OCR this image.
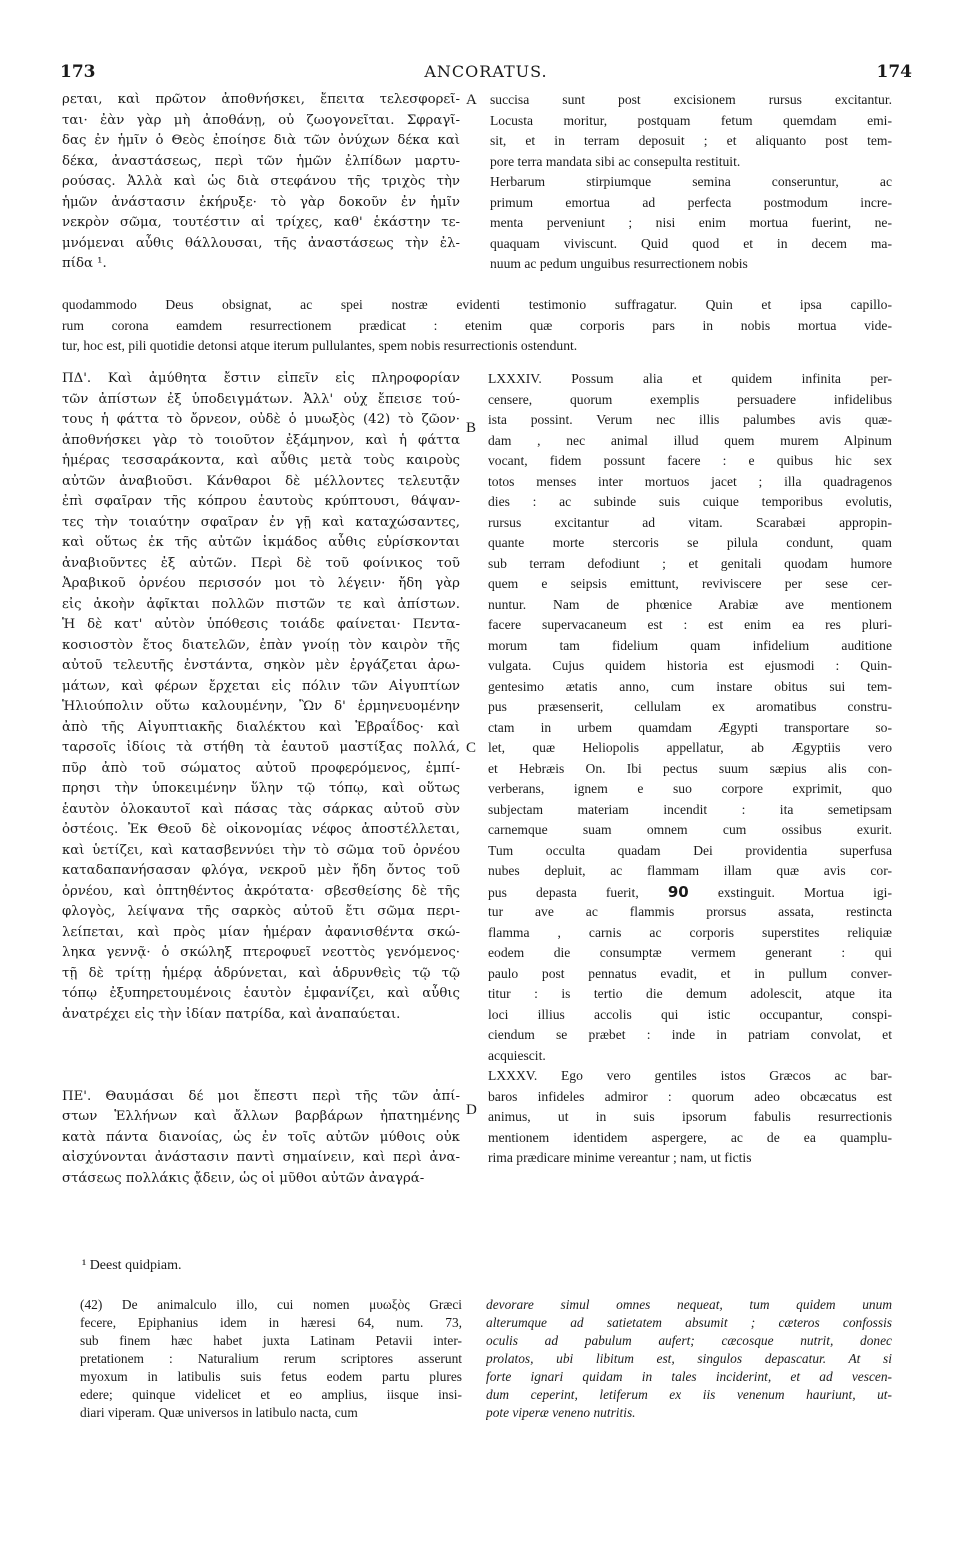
173	ANCORATUS.	174
ρεται, καὶ πρῶτον ἀποθνήσκει, ἔπειτα τελεσφορεῖ-
ται· ἐὰν γὰρ μὴ ἀποθάνῃ, οὐ ζωογονεῖται. Σφραγῖ-
δας ἐν ἡμῖν ὁ Θεὸς ἐποίησε διὰ τῶν ὀνύχων δέκα καὶ
δέκα, ἀναστάσεως, περὶ τῶν ἡμῶν ἐλπίδων μαρτυ-
ρούσας. Ἀλλὰ καὶ ὡς διὰ στεφάνου τῆς τριχὸς τὴν
ἡμῶν ἀνάστασιν ἐκήρυξε· τὸ γὰρ δοκοῦν ἐν ἡμῖν
νεκρὸν σῶμα, τουτέστιν αἱ τρίχες, καθ' ἑκάστην τε-
μνόμεναι αὖθις θάλλουσαι, τῆς ἀναστάσεως τὴν ἐλ-
πίδα ¹.
succisa sunt post excisionem rursus excitantur.
Locusta moritur, postquam fetum quemdam emi-
sit, et in terram deposuit ; et aliquanto post tem-
pore terra mandata sibi ac consepulta restituit.
Herbarum stirpiumque semina conseruntur, ac
primum emortua ad perfecta postmodum incre-
menta perveniunt ; nisi enim mortua fuerint, ne-
quaquam viviscunt. Quid quod et in decem ma-
nuum ac pedum unguibus resurrectionem nobis
quodammodo Deus obsignat, ac spei nostræ evidenti testimonio suffragatur. Quin et ipsa capillo-
rum corona eamdem resurrectionem prædicat : etenim quæ corporis pars in nobis mortua vide-
tur, hoc est, pili quotidie detonsi atque iterum pullulantes, spem nobis resurrectionis ostendunt.
ΠΔ'. Καὶ ἀμύθητα ἔστιν εἰπεῖν εἰς πληροφορίαν
τῶν ἀπίστων ἐξ ὑποδειγμάτων. Ἀλλ' οὐχ ἔπεισε τού-
τους ἡ φάττα τὸ ὄρνεον, οὐδὲ ὁ μυωξὸς (42) τὸ ζῶον·
ἀποθνήσκει γὰρ τὸ τοιοῦτον ἐξάμηνον, καὶ ἡ φάττα
ἡμέρας τεσσαράκοντα, καὶ αὖθις μετὰ τοὺς καιροὺς
αὐτῶν ἀναβιοῦσι. Κάνθαροι δὲ μέλλοντες τελευτᾷν
ἐπὶ σφαῖραν τῆς κόπρου ἑαυτοὺς κρύπτουσι, θάψαν-
τες τὴν τοιαύτην σφαῖραν ἐν γῇ καὶ καταχώσαντες,
καὶ οὕτως ἐκ τῆς αὐτῶν ἰκμάδος αὖθις εὑρίσκονται
ἀναβιοῦντες ἐξ αὐτῶν. Περὶ δὲ τοῦ φοίνικος τοῦ
Ἀραβικοῦ ὀρνέου περισσόν μοι τὸ λέγειν· ἤδη γὰρ
εἰς ἀκοὴν ἀφῖκται πολλῶν πιστῶν τε καὶ ἀπίστων.
Ἡ δὲ κατ' αὐτὸν ὑπόθεσις τοιάδε φαίνεται· Πεντα-
κοσιοστὸν ἔτος διατελῶν, ἐπὰν γνοίῃ τὸν καιρὸν τῆς
αὐτοῦ τελευτῆς ἐνστάντα, σηκὸν μὲν ἐργάζεται ἀρω-
μάτων, καὶ φέρων ἔρχεται εἰς πόλιν τῶν Αἰγυπτίων
Ἡλιούπολιν οὕτω καλουμένην, Ὢν δ' ἑρμηνευομένην
ἀπὸ τῆς Αἰγυπτιακῆς διαλέκτου καὶ Ἑβραΐδος· καὶ
ταρσοῖς ἰδίοις τὰ στήθη τὰ ἑαυτοῦ μαστίξας πολλά,
πῦρ ἀπὸ τοῦ σώματος αὐτοῦ προφερόμενος, ἐμπί-
πρησι τὴν ὑποκειμένην ὕλην τῷ τόπῳ, καὶ οὕτως
ἑαυτὸν ὁλοκαυτοῖ καὶ πάσας τὰς σάρκας αὐτοῦ σὺν
ὀστέοις. Ἐκ Θεοῦ δὲ οἰκονομίας νέφος ἀποστέλλεται,
καὶ ὑετίζει, καὶ κατασβεννύει τὴν τὸ σῶμα τοῦ ὀρνέου
καταδαπανήσασαν φλόγα, νεκροῦ μὲν ἤδη ὄντος τοῦ
ὀρνέου, καὶ ὀπτηθέντος ἀκρότατα· σβεσθείσης δὲ τῆς
φλογὸς, λείψανα τῆς σαρκὸς αὐτοῦ ἔτι σῶμα περι-
λείπεται, καὶ πρὸς μίαν ἡμέραν ἀφανισθέντα σκώ-
ληκα γεννᾷ· ὁ σκώληξ πτεροφυεῖ νεοττὸς γενόμενος·
τῇ δὲ τρίτῃ ἡμέρᾳ ἁδρύνεται, καὶ ἁδρυνθεὶς τῷ τῷ
τόπῳ ἐξυπηρετουμένοις ἑαυτὸν ἐμφανίζει, καὶ αὖθις
ἀνατρέχει εἰς τὴν ἰδίαν πατρίδα, καὶ ἀναπαύεται.
ΠΕ'. Θαυμάσαι δέ μοι ἔπεστι περὶ τῆς τῶν ἀπί-
στων Ἑλλήνων καὶ ἄλλων βαρβάρων ἠπατημένης
κατὰ πάντα διανοίας, ὡς ἐν τοῖς αὐτῶν μύθοις οὐκ
αἰσχύνονται ἀνάστασιν παντὶ σημαίνειν, καὶ περὶ ἀνα-
στάσεως πολλάκις ᾄδειν, ὡς οἱ μῦθοι αὐτῶν ἀναγρά-
LXXXIV. Possum alia et quidem infinita per-
censere, quorum exemplis persuadere infidelibus
ista possint. Verum nec illis palumbes avis quæ-
dam , nec animal illud quem murem Alpinum
vocant, fidem possunt facere : e quibus hic sex
totos menses inter mortuos jacet ; illa quadragenos
dies : ac subinde suis cuique temporibus evolutis,
rursus excitantur ad vitam. Scarabæi appropin-
quante morte stercoris se pilula condunt, quam
sub terram defodiunt ; et genitali quodam humore
quem e seipsis emittunt, reviviscere per sese cer-
nuntur. Nam de phœnice Arabiæ ave mentionem
facere supervacaneum est : est enim ea res pluri-
morum tam fidelium quam infidelium auditione
vulgata. Cujus quidem historia est ejusmodi : Quin-
gentesimo ætatis anno, cum instare obitus sui tem-
pus præsenserit, cellulam ex aromatibus constru-
ctam in urbem quamdam Ægypti transportare so-
let, quæ Heliopolis appellatur, ab Ægyptiis vero
et Hebræis On. Ibi pectus suum sæpius alis con-
verberans, ignem e suo corpore exprimit, quo
subjectam materiam incendit : ita semetipsam
carnemque suam omnem cum ossibus exurit.
Tum occulta quadam Dei providentia superfusa
nubes depluit, ac flammam illam quæ avis cor-
pus depasta fuerit, 90 exstinguit. Mortua igi-
tur ave ac flammis prorsus assata, restincta
flamma , carnis ac corporis superstites reliquiæ
eodem die consumptæ vermem generant : qui
paulo post pennatus evadit, et in pullum conver-
titur : is tertio die demum adolescit, atque ita
loci illius accolis qui istic occupantur, conspi-
ciendum se præbet : inde in patriam convolat, et
acquiescit.
LXXXV. Ego vero gentiles istos Græcos ac bar-
baros infideles admiror : quorum adeo obcæcatus est
animus, ut in suis ipsorum fabulis resurrectionis
mentionem identidem aspergere, ac de ea quamplu-
rima prædicare minime vereantur ; nam, ut fictis
A
B
C
D
¹ Deest quidpiam.
(42) De animalculo illo, cui nomen μυωξὸς Græci
fecere, Epiphanius idem in hæresi 64, num. 73,
sub finem hæc habet juxta Latinam Petavii inter-
pretationem : Naturalium rerum scriptores asserunt
myoxum in latibulis suis fetus eodem partu plures
edere; quinque videlicet et eo amplius, iisque insi-
diari viperam. Quæ universos in latibulo nacta, cum
devorare simul omnes nequeat, tum quidem unum
alterumque ad satietatem absumit ; cæteros confossis
oculis ad pabulum aufert; cæcosque nutrit, donec
prolatos, ubi libitum est, singulos depascatur. At si
forte ignari quidam in tales inciderint, et ad vescen-
dum ceperint, letiferum ex iis venenum hauriunt, ut-
pote viperæ veneno nutritis.
